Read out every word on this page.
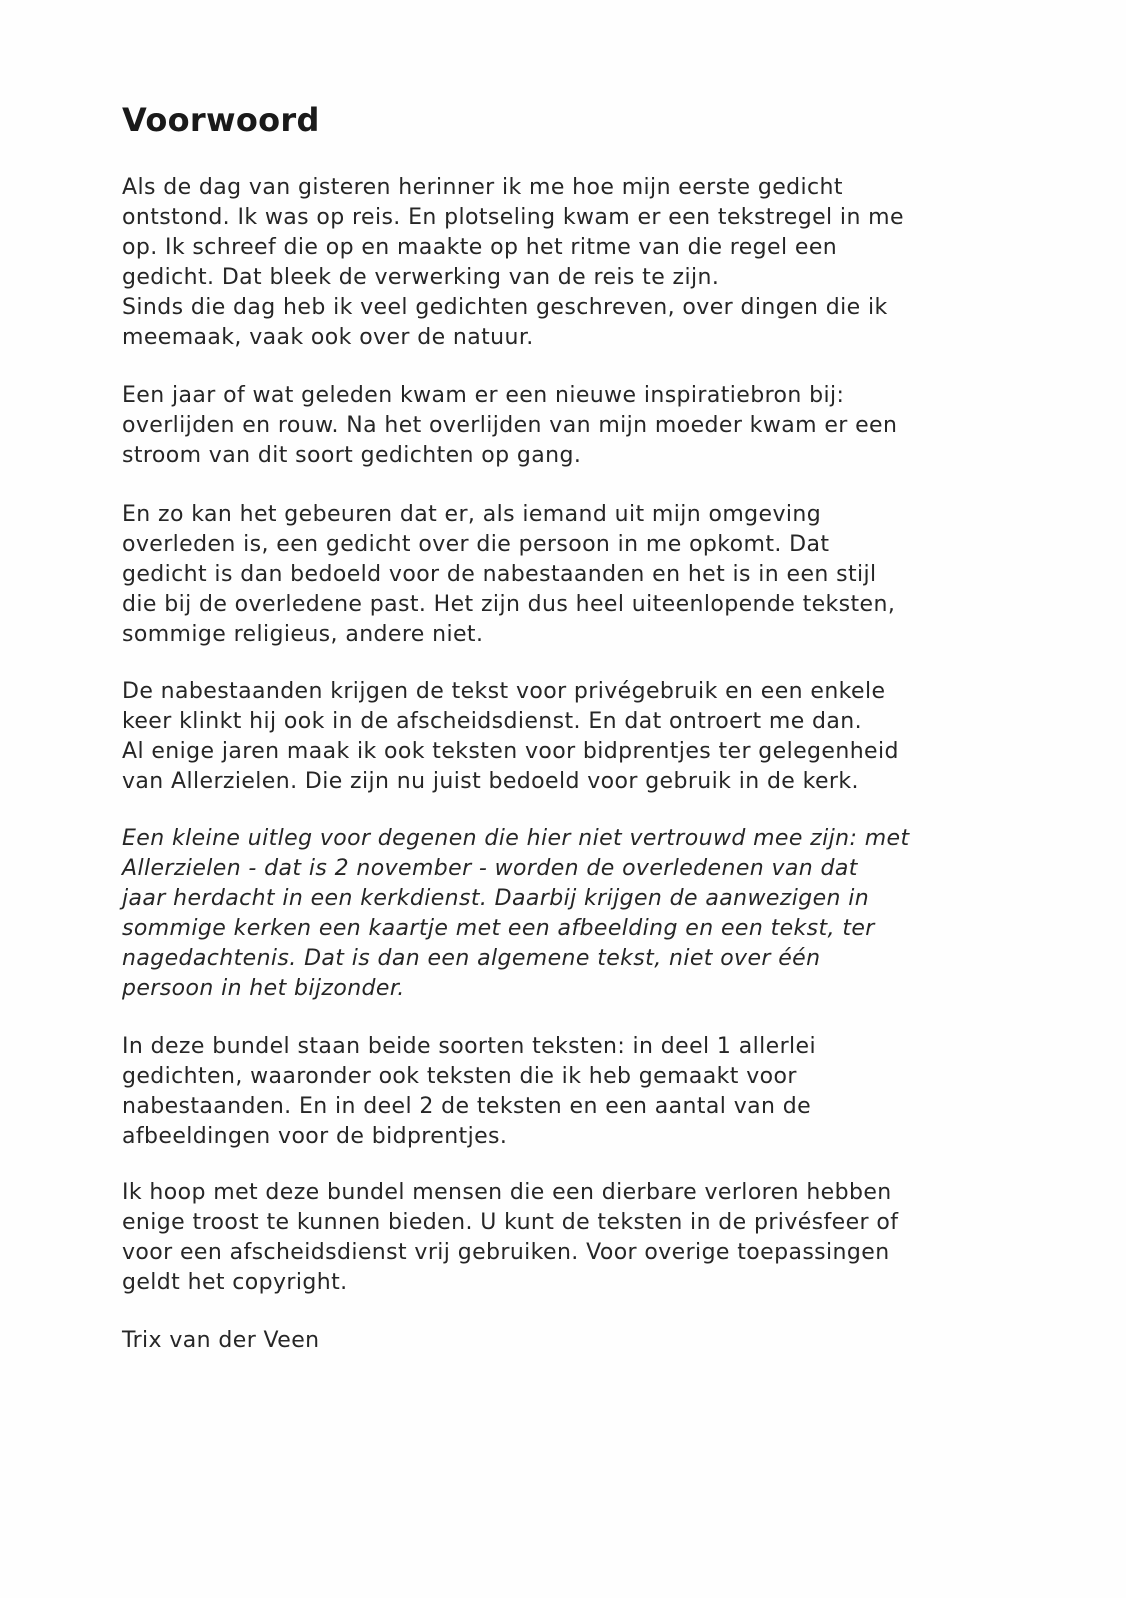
Voorwoord

Als de dag van gisteren herinner ik me hoe mijn eerste gedicht
ontstond. Ik was op reis. En plotseling kwam er een tekstregel in me
op. Ik schreef die op en maakte op het ritme van die regel een
gedicht. Dat bleek de verwerking van de reis te zijn.
Sinds die dag heb ik veel gedichten geschreven, over dingen die ik
meemaak, vaak ook over de natuur.

Een jaar of wat geleden kwam er een nieuwe inspiratiebron bij:
overlijden en rouw. Na het overlijden van mijn moeder kwam er een
stroom van dit soort gedichten op gang.

En zo kan het gebeuren dat er, als iemand uit mijn omgeving
overleden is, een gedicht over die persoon in me opkomt. Dat
gedicht is dan bedoeld voor de nabestaanden en het is in een stijl
die bij de overledene past. Het zijn dus heel uiteenlopende teksten,
sommige religieus, andere niet.

De nabestaanden krijgen de tekst voor privégebruik en een enkele
keer klinkt hij ook in de afscheidsdienst. En dat ontroert me dan.
Al enige jaren maak ik ook teksten voor bidprentjes ter gelegenheid
van Allerzielen. Die zijn nu juist bedoeld voor gebruik in de kerk.

Een kleine uitleg voor degenen die hier niet vertrouwd mee zijn: met
Allerzielen - dat is 2 november - worden de overledenen van dat
jaar herdacht in een kerkdienst. Daarbij krijgen de aanwezigen in
sommige kerken een kaartje met een afbeelding en een tekst, ter
nagedachtenis. Dat is dan een algemene tekst, niet over één
persoon in het bijzonder.

In deze bundel staan beide soorten teksten: in deel 1 allerlei
gedichten, waaronder ook teksten die ik heb gemaakt voor
nabestaanden. En in deel 2 de teksten en een aantal van de
afbeeldingen voor de bidprentjes.

Ik hoop met deze bundel mensen die een dierbare verloren hebben
enige troost te kunnen bieden. U kunt de teksten in de privésfeer of
voor een afscheidsdienst vrij gebruiken. Voor overige toepassingen
geldt het copyright.

Trix van der Veen
